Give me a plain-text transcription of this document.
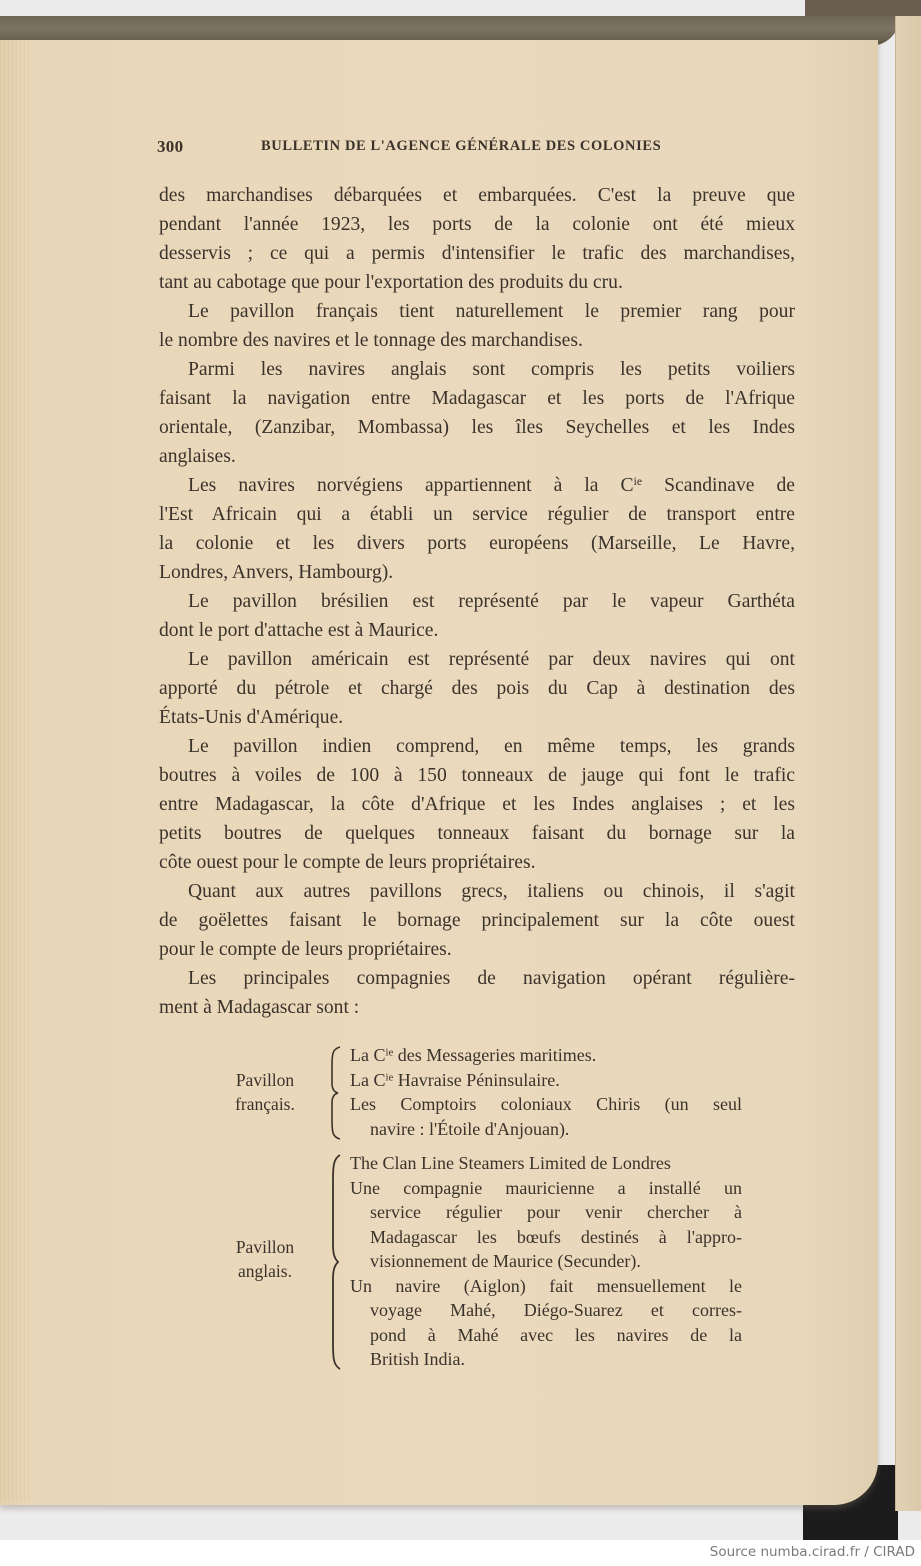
300	BULLETIN DE L'AGENCE GÉNÉRALE DES COLONIES
des marchandises débarquées et embarquées. C'est la preuve que
pendant l'année 1923, les ports de la colonie ont été mieux
desservis ; ce qui a permis d'intensifier le trafic des marchandises,
tant au cabotage que pour l'exportation des produits du cru.
Le pavillon français tient naturellement le premier rang pour
le nombre des navires et le tonnage des marchandises.
Parmi les navires anglais sont compris les petits voiliers
faisant la navigation entre Madagascar et les ports de l'Afrique
orientale, (Zanzibar, Mombassa) les îles Seychelles et les Indes
anglaises.
Les navires norvégiens appartiennent à la $C^{ie}$ Scandinave de
l'Est Africain qui a établi un service régulier de transport entre
la colonie et les divers ports européens (Marseille, Le Havre,
Londres, Anvers, Hambourg).
Le pavillon brésilien est représenté par le vapeur Garthéta
dont le port d'attache est à Maurice.
Le pavillon américain est représenté par deux navires qui ont
apporté du pétrole et chargé des pois du Cap à destination des
États-Unis d'Amérique.
Le pavillon indien comprend, en même temps, les grands
boutres à voiles de 100 à 150 tonneaux de jauge qui font le trafic
entre Madagascar, la côte d'Afrique et les Indes anglaises ; et les
petits boutres de quelques tonneaux faisant du bornage sur la
côte ouest pour le compte de leurs propriétaires.
Quant aux autres pavillons grecs, italiens ou chinois, il s'agit
de goëlettes faisant le bornage principalement sur la côte ouest
pour le compte de leurs propriétaires.
Les principales compagnies de navigation opérant régulière-
ment à Madagascar sont :
Pavillon
français.
La $C^{ie}$ des Messageries maritimes.
La $C^{ie}$ Havraise Péninsulaire.
Les Comptoirs coloniaux Chiris (un seul
navire : l'Étoile d'Anjouan).
Pavillon
anglais.
The Clan Line Steamers Limited de Londres
Une compagnie mauricienne a installé un
service régulier pour venir chercher à
Madagascar les bœufs destinés à l'appro-
visionnement de Maurice (Secunder).
Un navire (Aiglon) fait mensuellement le
voyage Mahé, Diégo-Suarez et corres-
pond à Mahé avec les navires de la
British India.
Source numba.cirad.fr / CIRAD
